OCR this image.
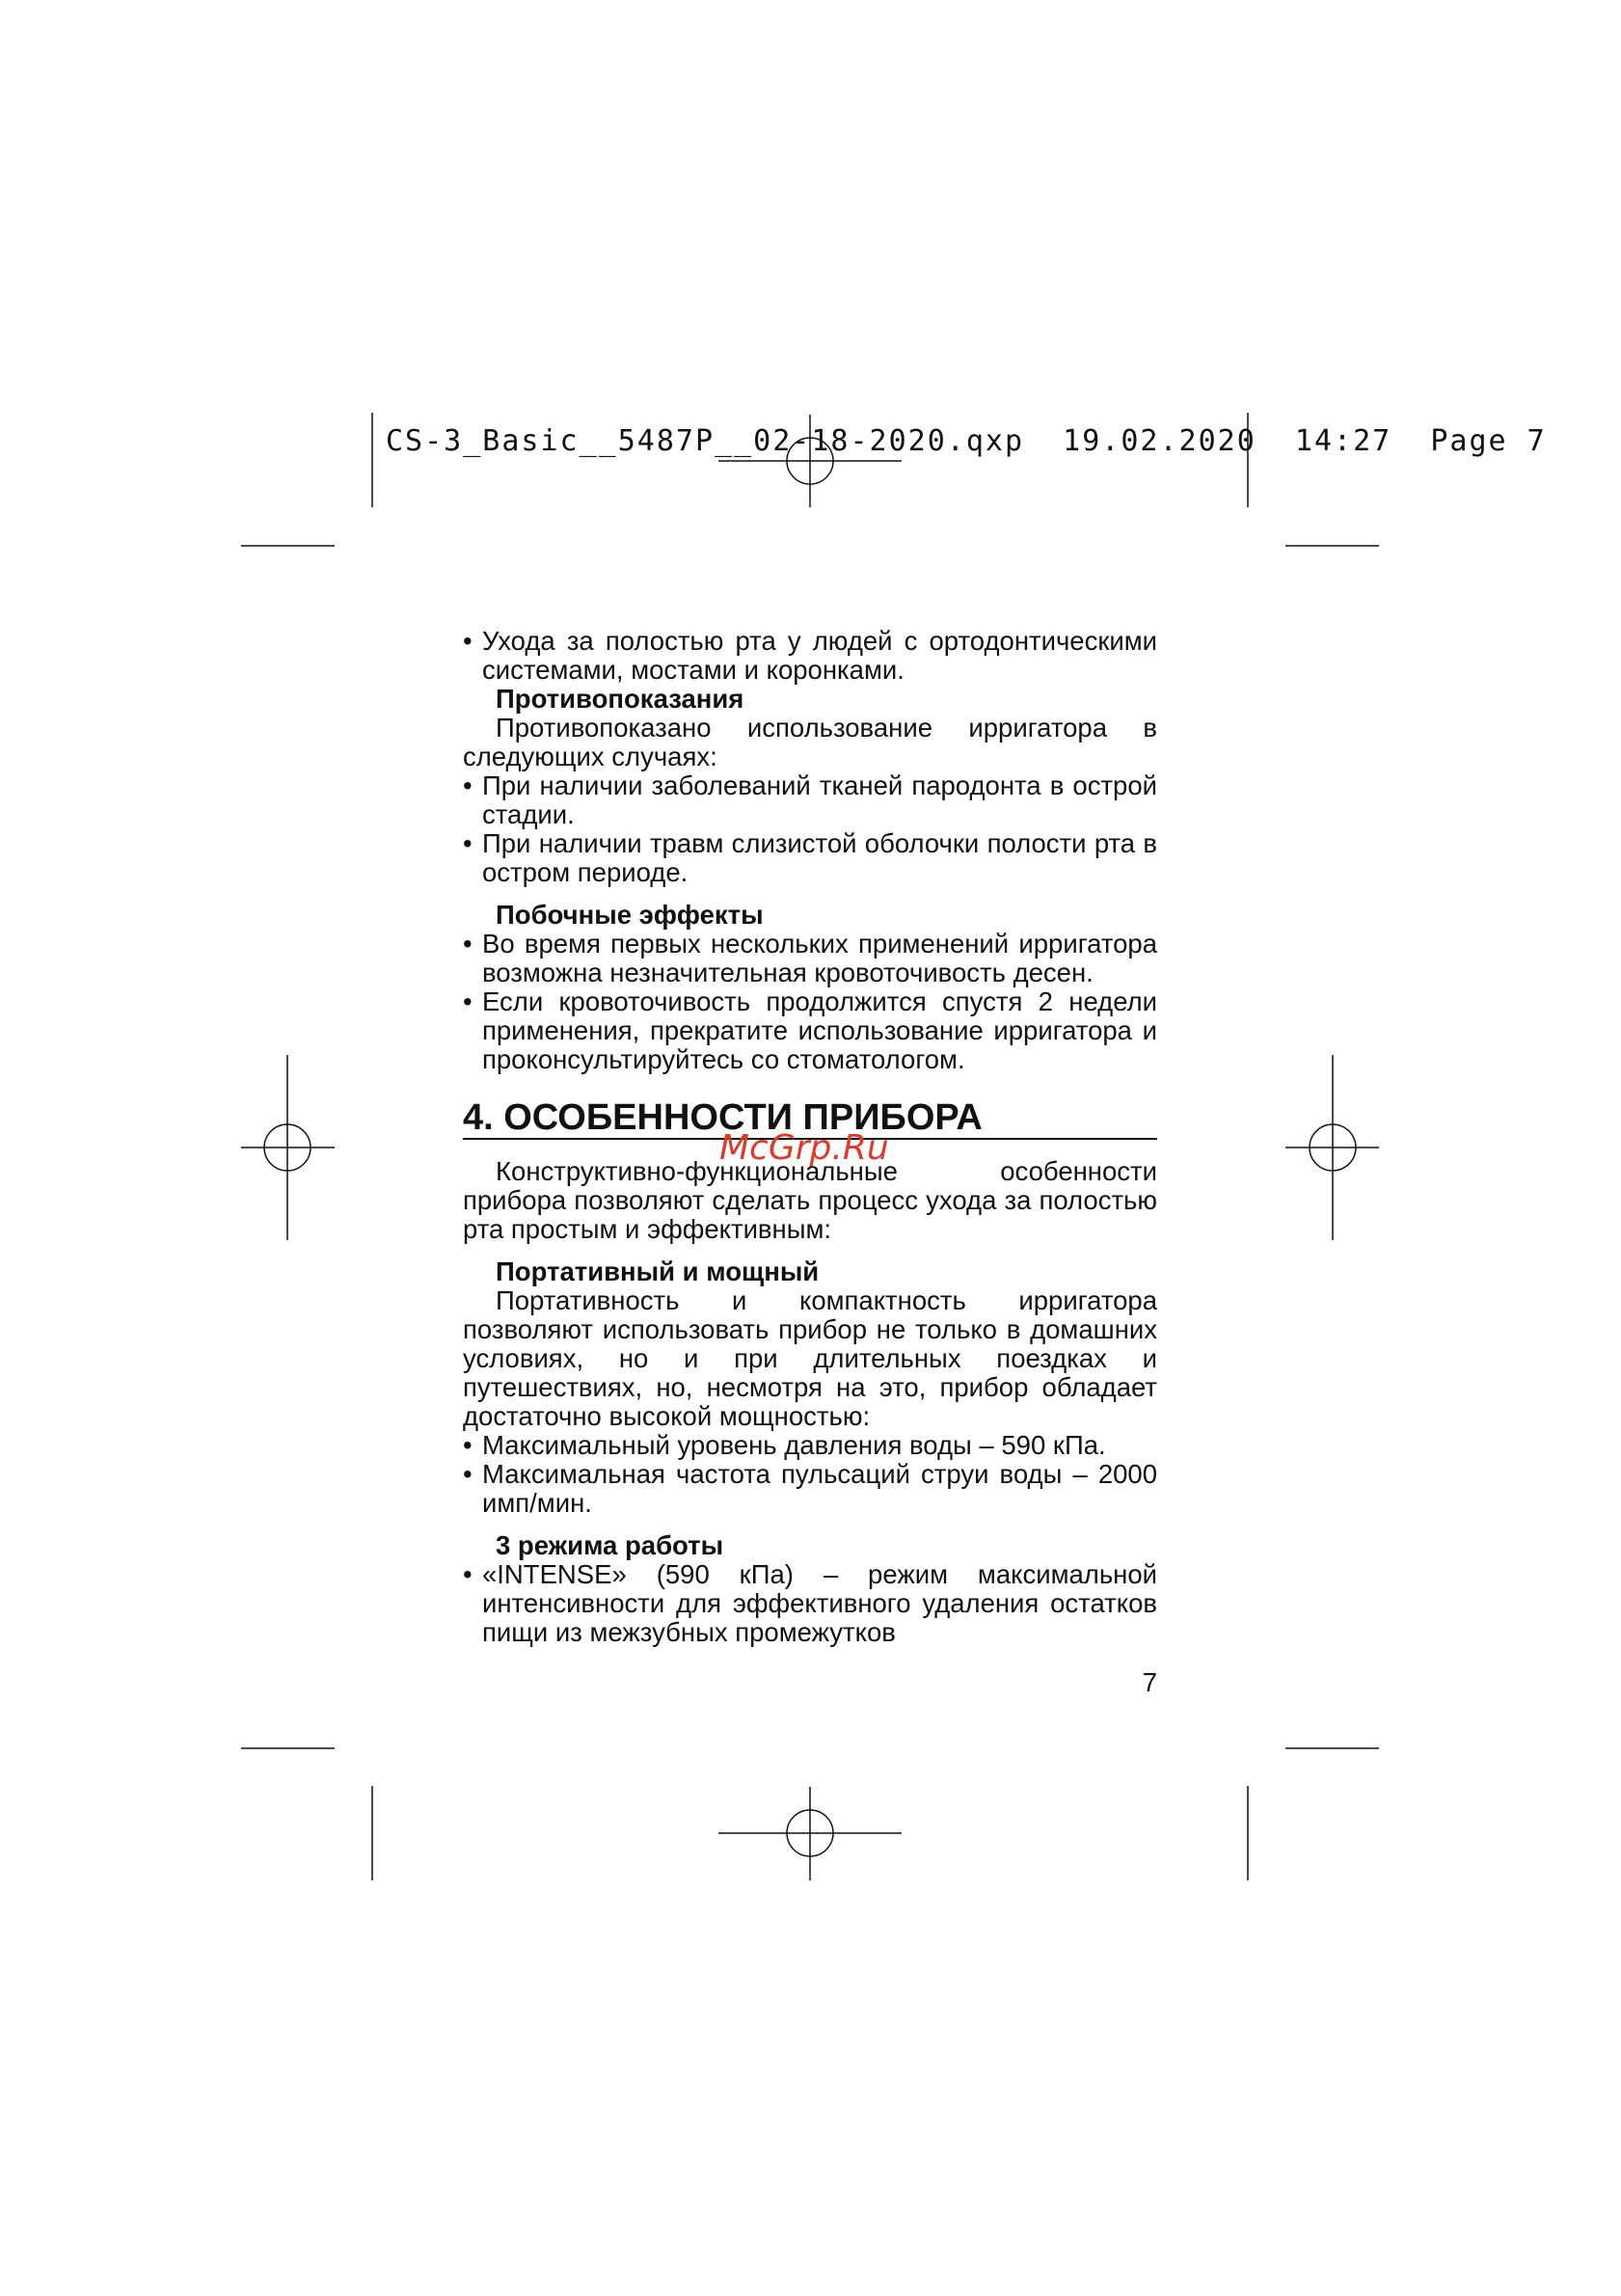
CS-3_Basic__5487P__02-18-2020.qxp 19.02.2020 14:27 Page 7

• Ухода за полостью рта у людей с ортодонтическими системами, мостами и коронками.

Противопоказания

Противопоказано использование ирригатора в следующих случаях:

• При наличии заболеваний тканей пародонта в острой стадии.

• При наличии травм слизистой оболочки полости рта в остром периоде.

Побочные эффекты

• Во время первых нескольких применений ирригатора возможна незначительная кровоточивость десен.

• Если кровоточивость продолжится спустя 2 недели применения, прекратите использование ирригатора и проконсультируйтесь со стоматологом.

4. ОСОБЕННОСТИ ПРИБОРА

Конструктивно-функциональные особенности прибора позволяют сделать процесс ухода за полостью рта простым и эффективным:

Портативный и мощный

Портативность и компактность ирригатора позволяют использовать прибор не только в домашних условиях, но и при длительных поездках и путешествиях, но, несмотря на это, прибор обладает достаточно высокой мощностью:

• Максимальный уровень давления воды – 590 кПа.

• Максимальная частота пульсаций струи воды – 2000 имп/мин.

3 режима работы

• «INTENSE» (590 кПа) – режим максимальной интенсивности для эффективного удаления остатков пищи из межзубных промежутков

7

McGrp.Ru
